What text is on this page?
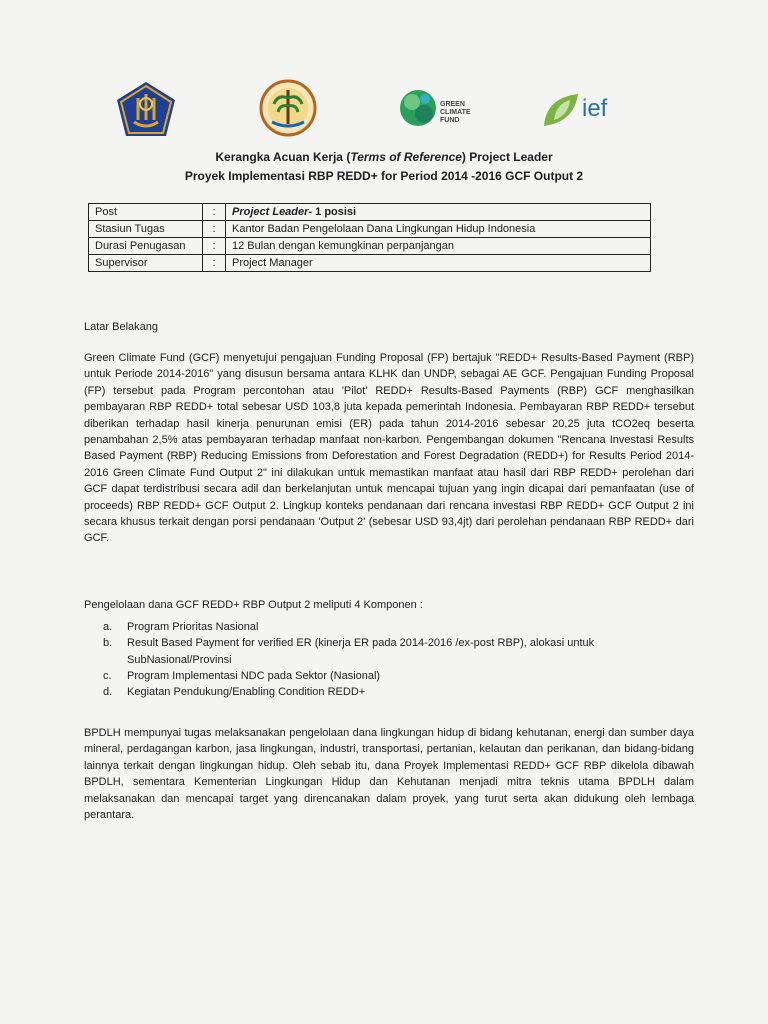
GREEN
CLIMATE
FUND	ief
Kerangka Acuan Kerja (Terms of Reference) Project Leader
Proyek Implementasi RBP REDD+ for Period 2014 -2016 GCF Output 2
Post	:	Project Leader- 1 posisi
Stasiun Tugas	:	Kantor Badan Pengelolaan Dana Lingkungan Hidup Indonesia
Durasi Penugasan	:	12 Bulan dengan kemungkinan perpanjangan
Supervisor	:	Project Manager
Latar Belakang
Green Climate Fund (GCF) menyetujui pengajuan Funding Proposal (FP) bertajuk "REDD+ Results-Based Payment (RBP) untuk Periode 2014-2016" yang disusun bersama antara KLHK dan UNDP, sebagai AE GCF. Pengajuan Funding Proposal (FP) tersebut pada Program percontohan atau 'Pilot' REDD+ Results-Based Payments (RBP) GCF menghasilkan pembayaran RBP REDD+ total sebesar USD 103,8 juta kepada pemerintah Indonesia. Pembayaran RBP REDD+ tersebut diberikan terhadap hasil kinerja penurunan emisi (ER) pada tahun 2014-2016 sebesar 20,25 juta tCO2eq beserta penambahan 2,5% atas pembayaran terhadap manfaat non-karbon. Pengembangan dokumen "Rencana Investasi Results Based Payment (RBP) Reducing Emissions from Deforestation and Forest Degradation (REDD+) for Results Period 2014- 2016 Green Climate Fund Output 2" ini dilakukan untuk memastikan manfaat atau hasil dari RBP REDD+ perolehan dari GCF dapat terdistribusi secara adil dan berkelanjutan untuk mencapai tujuan yang ingin dicapai dari pemanfaatan (use of proceeds) RBP REDD+ GCF Output 2. Lingkup konteks pendanaan dari rencana investasi RBP REDD+ GCF Output 2 ini secara khusus terkait dengan porsi pendanaan 'Output 2' (sebesar USD 93,4jt) dari perolehan pendanaan RBP REDD+ dari GCF.
Pengelolaan dana GCF REDD+ RBP Output 2 meliputi 4 Komponen :
a. Program Prioritas Nasional
b. Result Based Payment for verified ER (kinerja ER pada 2014-2016 /ex-post RBP), alokasi untuk SubNasional/Provinsi
c. Program Implementasi NDC pada Sektor (Nasional)
d. Kegiatan Pendukung/Enabling Condition REDD+
BPDLH mempunyai tugas melaksanakan pengelolaan dana lingkungan hidup di bidang kehutanan, energi dan sumber daya mineral, perdagangan karbon, jasa lingkungan, industri, transportasi, pertanian, kelautan dan perikanan, dan bidang-bidang lainnya terkait dengan lingkungan hidup. Oleh sebab itu, dana Proyek Implementasi REDD+ GCF RBP dikelola dibawah BPDLH, sementara Kementerian Lingkungan Hidup dan Kehutanan menjadi mitra teknis utama BPDLH dalam melaksanakan dan mencapai target yang direncanakan dalam proyek, yang turut serta akan didukung oleh lembaga perantara.
